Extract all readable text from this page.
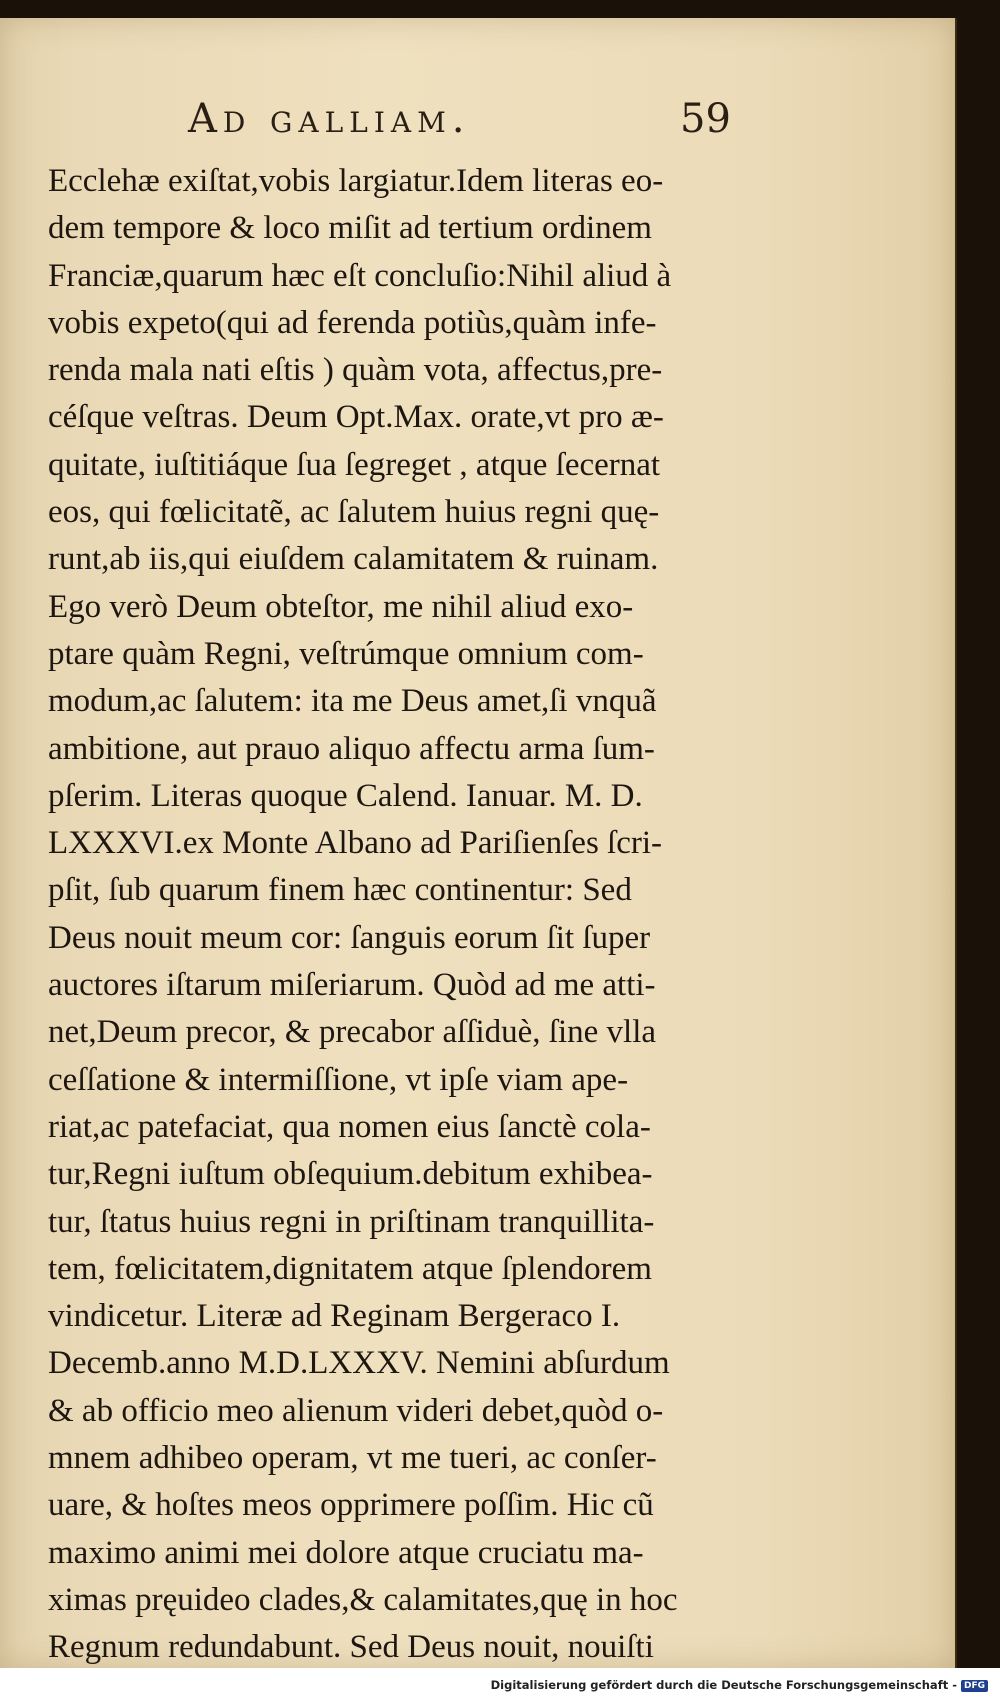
Ad galliam.	59
Ecclehæ exiſtat,vobis largiatur.Idem literas eo-
dem tempore & loco miſit ad tertium ordinem
Franciæ,quarum hæc eſt concluſio:Nihil aliud à
vobis expeto(qui ad ferenda potiùs,quàm infe-
renda mala nati eſtis ) quàm vota, affectus,pre-
céſque veſtras. Deum Opt.Max. orate,vt pro æ-
quitate, iuſtitiáque ſua ſegreget , atque ſecernat
eos, qui fœlicitatẽ, ac ſalutem huius regni quę-
runt,ab iis,qui eiuſdem calamitatem & ruinam.
Ego verò Deum obteſtor, me nihil aliud exo-
ptare quàm Regni, veſtrúmque omnium com-
modum,ac ſalutem: ita me Deus amet,ſi vnquã
ambitione, aut prauo aliquo affectu arma ſum-
pſerim. Literas quoque Calend. Ianuar. M. D.
LXXXVI.ex Monte Albano ad Pariſienſes ſcri-
pſit, ſub quarum finem hæc continentur: Sed
Deus nouit meum cor: ſanguis eorum ſit ſuper
auctores iſtarum miſeriarum. Quòd ad me atti-
net,Deum precor, & precabor aſſiduè, ſine vlla
ceſſatione & intermiſſione, vt ipſe viam ape-
riat,ac patefaciat, qua nomen eius ſanctè cola-
tur,Regni iuſtum obſequium.debitum exhibea-
tur, ſtatus huius regni in priſtinam tranquillita-
tem, fœlicitatem,dignitatem atque ſplendorem
vindicetur. Literæ ad Reginam Bergeraco I.
Decemb.anno M.D.LXXXV. Nemini abſurdum
& ab officio meo alienum videri debet,quòd o-
mnem adhibeo operam, vt me tueri, ac conſer-
uare, & hoſtes meos opprimere poſſim. Hic cũ
maximo animi mei dolore atque cruciatu ma-
ximas pręuideo clades,& calamitates,quę in hoc
Regnum redundabunt. Sed Deus nouit, nouiſti
Digitalisierung gefördert durch die Deutsche Forschungsgemeinschaft - DFG
